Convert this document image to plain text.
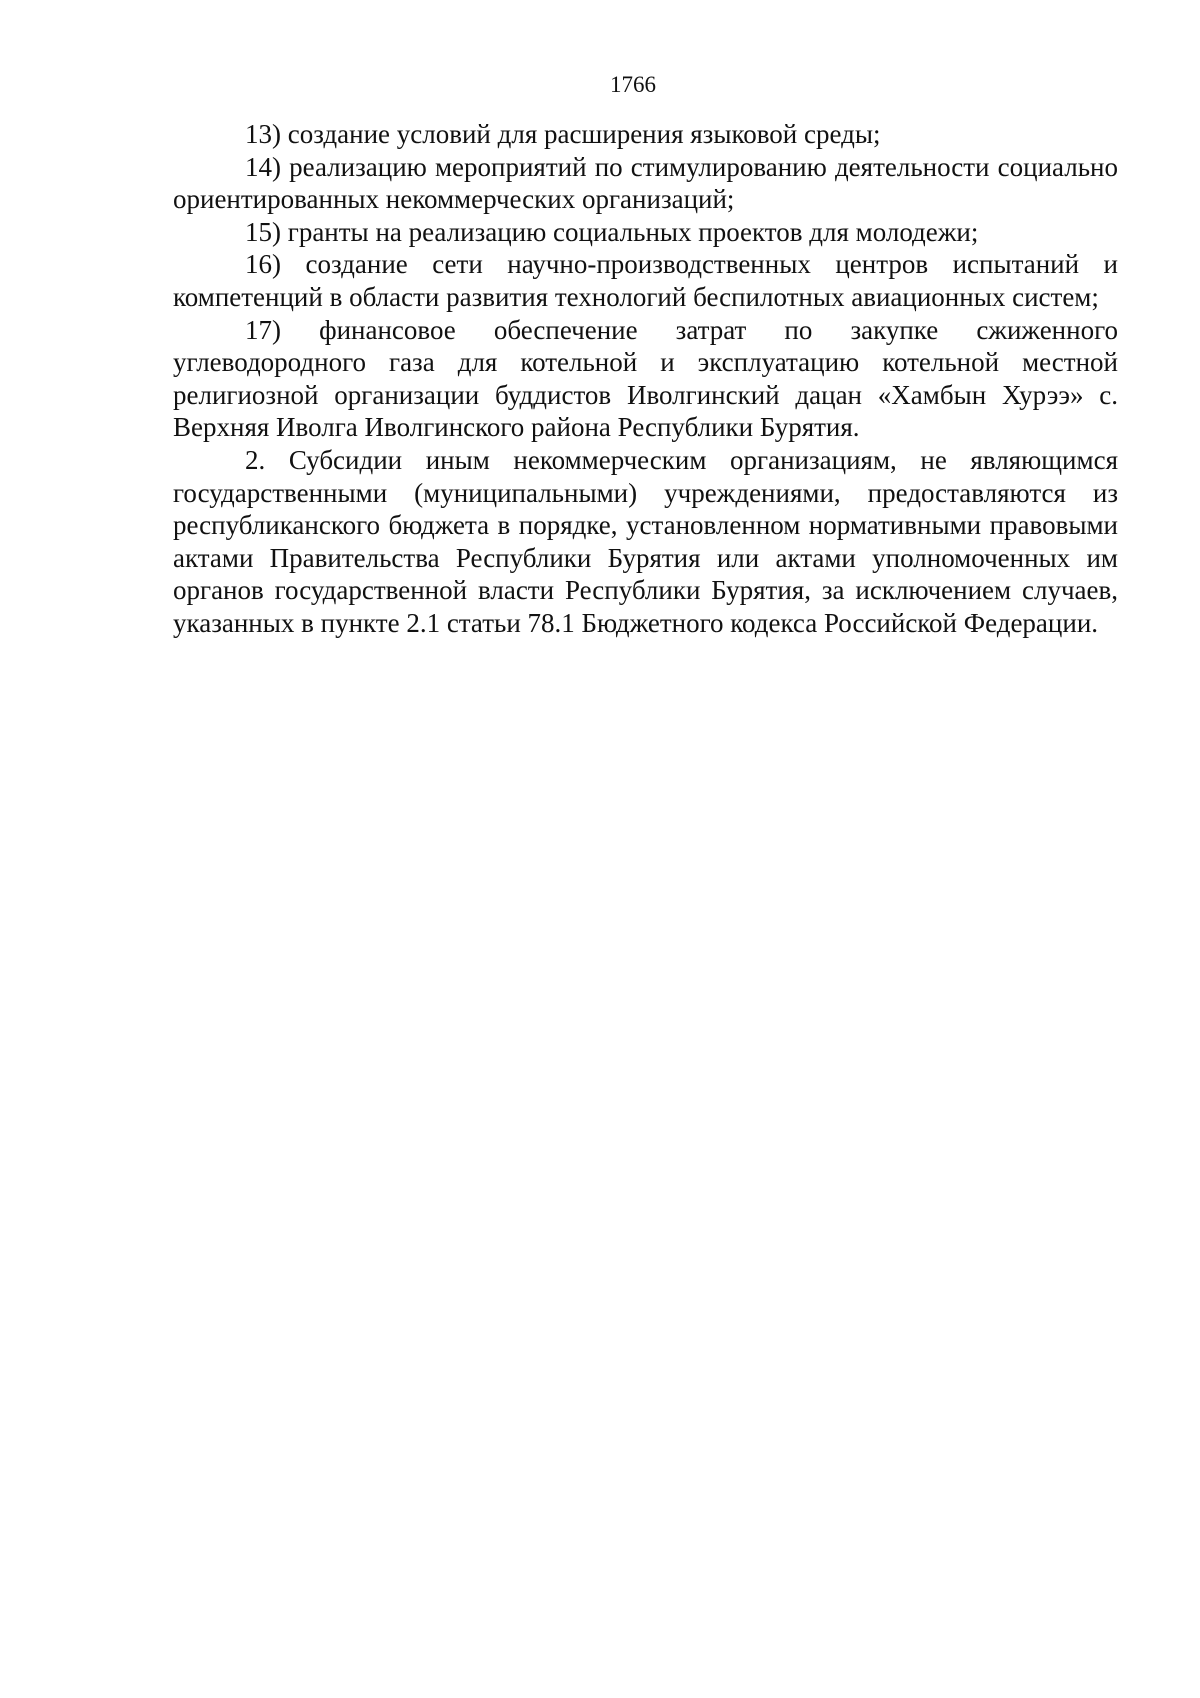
1766

13) создание условий для расширения языковой среды;

14) реализацию мероприятий по стимулированию деятельности социально ориентированных некоммерческих организаций;

15) гранты на реализацию социальных проектов для молодежи;

16) создание сети научно-производственных центров испытаний и компетенций в области развития технологий беспилотных авиационных систем;

17) финансовое обеспечение затрат по закупке сжиженного углеводородного газа для котельной и эксплуатацию котельной местной религиозной организации буддистов Иволгинский дацан «Хамбын Хурээ» с. Верхняя Иволга Иволгинского района Республики Бурятия.

2. Субсидии иным некоммерческим организациям, не являющимся государственными (муниципальными) учреждениями, предоставляются из республиканского бюджета в порядке, установленном нормативными правовыми актами Правительства Республики Бурятия или актами уполномоченных им органов государственной власти Республики Бурятия, за исключением случаев, указанных в пункте 2.1 статьи 78.1 Бюджетного кодекса Российской Федерации.
